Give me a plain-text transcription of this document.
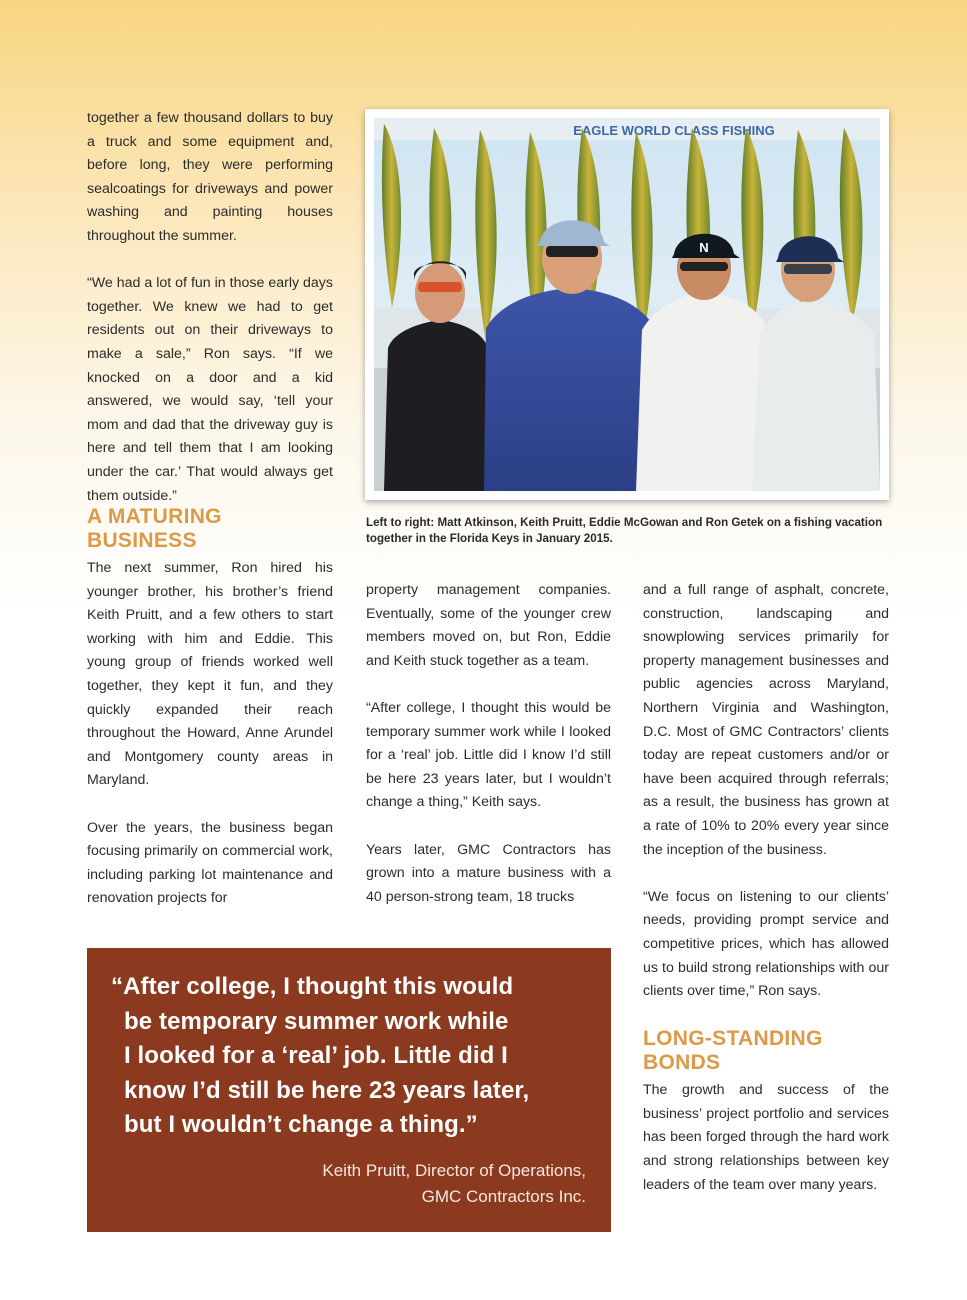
together a few thousand dollars to buy a truck and some equipment and, before long, they were performing sealcoatings for driveways and power washing and painting houses throughout the summer.

“We had a lot of fun in those early days together. We knew we had to get residents out on their driveways to make a sale,” Ron says. “If we knocked on a door and a kid answered, we would say, ‘tell your mom and dad that the driveway guy is here and tell them that I am looking under the car.’ That would always get them outside.”

A MATURING
BUSINESS

The next summer, Ron hired his younger brother, his brother’s friend Keith Pruitt, and a few others to start working with him and Eddie. This young group of friends worked well together, they kept it fun, and they quickly expanded their reach throughout the Howard, Anne Arundel and Montgomery county areas in Maryland.

Over the years, the business began focusing primarily on commercial work, including parking lot maintenance and renovation projects for

property management companies. Eventually, some of the younger crew members moved on, but Ron, Eddie and Keith stuck together as a team.

“After college, I thought this would be temporary summer work while I looked for a ‘real’ job. Little did I know I’d still be here 23 years later, but I wouldn’t change a thing,” Keith says.

Years later, GMC Contractors has grown into a mature business with a 40 person-strong team, 18 trucks

and a full range of asphalt, concrete, construction, landscaping and snowplowing services primarily for property management businesses and public agencies across Maryland, Northern Virginia and Washington, D.C. Most of GMC Contractors’ clients today are repeat customers and/or or have been acquired through referrals; as a result, the business has grown at a rate of 10% to 20% every year since the inception of the business.

“We focus on listening to our clients’ needs, providing prompt service and competitive prices, which has allowed us to build strong relationships with our clients over time,” Ron says.

LONG-STANDING
BONDS

The growth and success of the business’ project portfolio and services has been forged through the hard work and strong relationships between key leaders of the team over many years.

EAGLE WORLD CLASS FISHING
N
Left to right: Matt Atkinson, Keith Pruitt, Eddie McGowan and Ron Getek on a fishing vacation together in the Florida Keys in January 2015.
“After college, I thought this would
be temporary summer work while
I looked for a ‘real’ job. Little did I
know I’d still be here 23 years later,
but I wouldn’t change a thing.”
Keith Pruitt, Director of Operations,
GMC Contractors Inc.
